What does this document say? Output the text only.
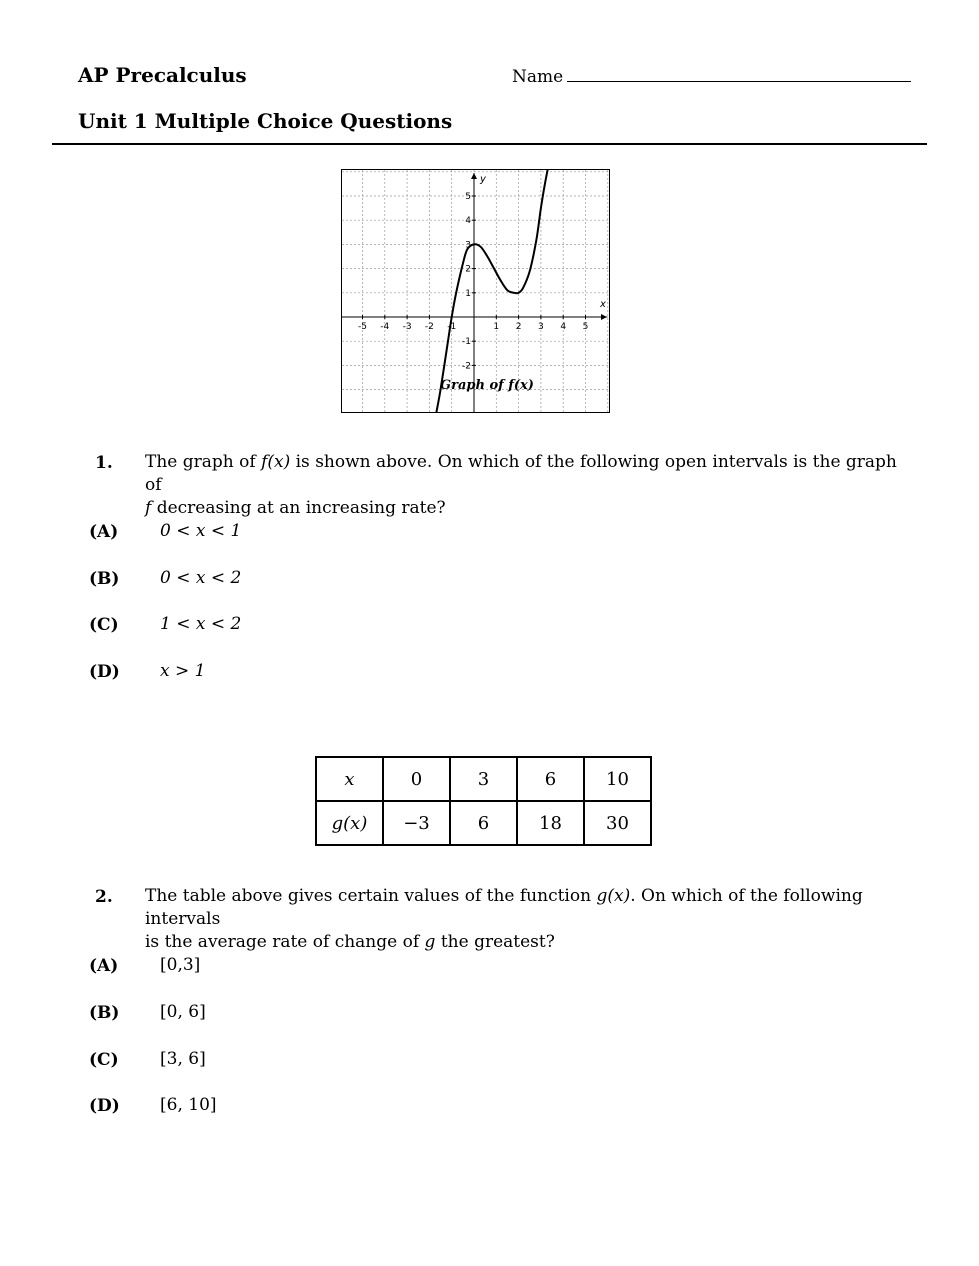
AP Precalculus	Name
Unit 1 Multiple Choice Questions
-5 -4 -3 -2 -1	1 2 3 4 5
5
4
3
2
1
-1
-2
x
y
Graph of f(x)
1. The graph of f(x) is shown above. On which of the following open intervals is the graph of
f decreasing at an increasing rate?
(A) 0 < x < 1
(B) 0 < x < 2
(C) 1 < x < 2
(D) x > 1
x	0	3	6	10
g(x)	−3	6	18	30
2. The table above gives certain values of the function g(x). On which of the following intervals
is the average rate of change of g the greatest?
(A) [0,3]
(B) [0, 6]
(C) [3, 6]
(D) [6, 10]
